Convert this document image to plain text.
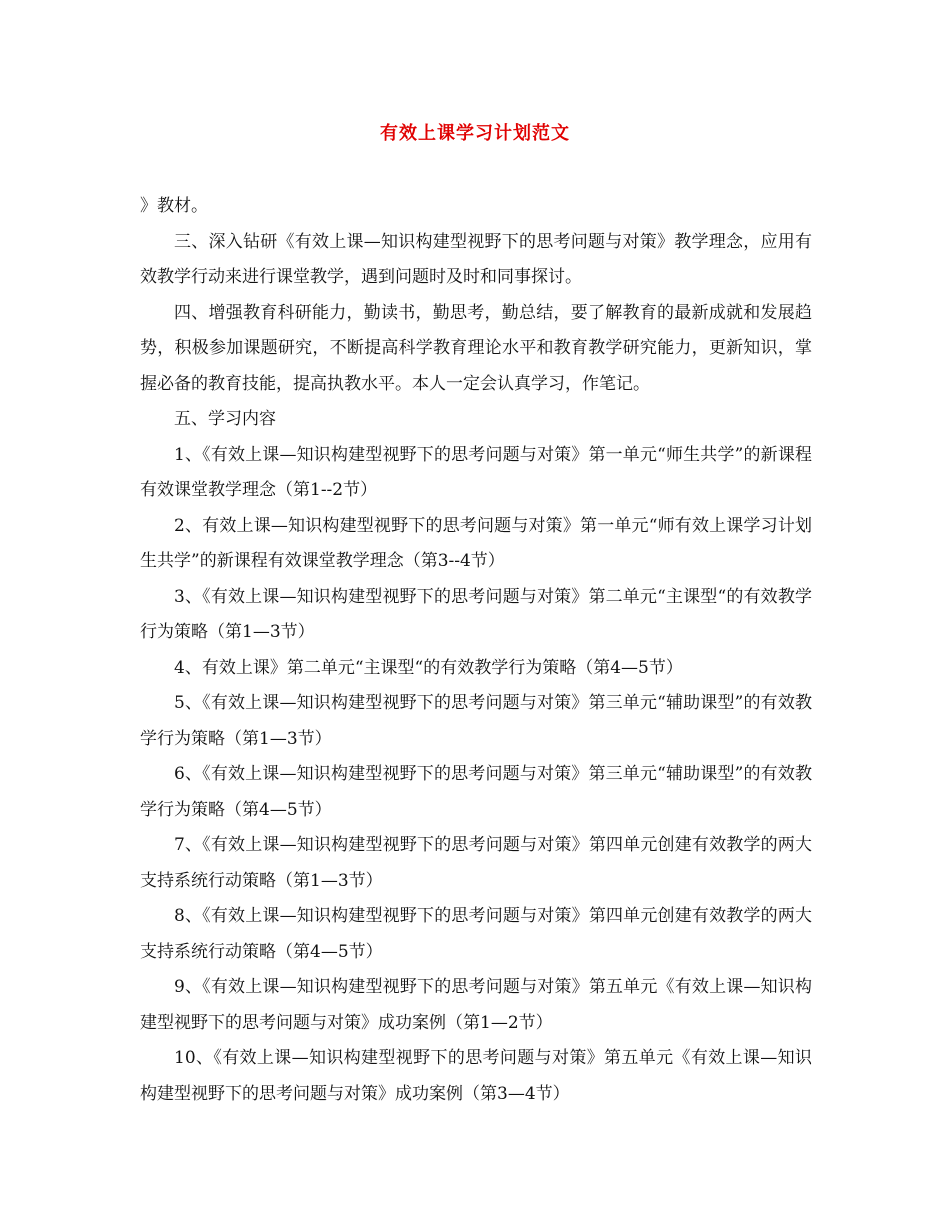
有效上课学习计划范文

》教材。

三、深入钻研《有效上课—知识构建型视野下的思考问题与对策》教学理念，应用有效教学行动来进行课堂教学，遇到问题时及时和同事探讨。

四、增强教育科研能力，勤读书，勤思考，勤总结，要了解教育的最新成就和发展趋势，积极参加课题研究，不断提高科学教育理论水平和教育教学研究能力，更新知识，掌握必备的教育技能，提高执教水平。本人一定会认真学习，作笔记。

五、学习内容

1、《有效上课—知识构建型视野下的思考问题与对策》第一单元“师生共学”的新课程有效课堂教学理念（第1--2节）

2、有效上课—知识构建型视野下的思考问题与对策》第一单元“师有效上课学习计划生共学”的新课程有效课堂教学理念（第3--4节）

3、《有效上课—知识构建型视野下的思考问题与对策》第二单元“主课型“的有效教学行为策略（第1—3节）

4、有效上课》第二单元“主课型“的有效教学行为策略（第4—5节）

5、《有效上课—知识构建型视野下的思考问题与对策》第三单元“辅助课型”的有效教学行为策略（第1—3节）

6、《有效上课—知识构建型视野下的思考问题与对策》第三单元“辅助课型”的有效教学行为策略（第4—5节）

7、《有效上课—知识构建型视野下的思考问题与对策》第四单元创建有效教学的两大支持系统行动策略（第1—3节）

8、《有效上课—知识构建型视野下的思考问题与对策》第四单元创建有效教学的两大支持系统行动策略（第4—5节）

9、《有效上课—知识构建型视野下的思考问题与对策》第五单元《有效上课—知识构建型视野下的思考问题与对策》成功案例（第1—2节）

10、《有效上课—知识构建型视野下的思考问题与对策》第五单元《有效上课—知识构建型视野下的思考问题与对策》成功案例（第3—4节）
